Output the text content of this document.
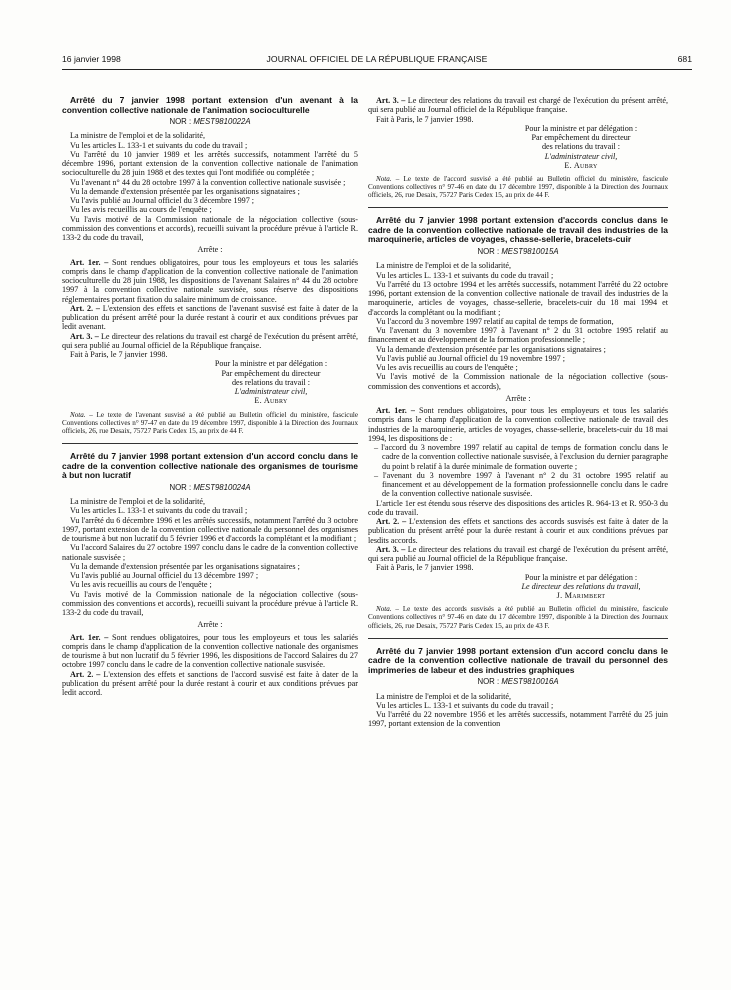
16 janvier 1998	JOURNAL OFFICIEL DE LA RÉPUBLIQUE FRANÇAISE	681

Arrêté du 7 janvier 1998 portant extension d'un avenant à la convention collective nationale de l'animation socioculturelle

NOR : MEST9810022A

La ministre de l'emploi et de la solidarité,

Vu les articles L. 133-1 et suivants du code du travail ;

Vu l'arrêté du 10 janvier 1989 et les arrêtés successifs, notamment l'arrêté du 5 décembre 1996, portant extension de la convention collective nationale de l'animation socioculturelle du 28 juin 1988 et des textes qui l'ont modifiée ou complétée ;

Vu l'avenant n° 44 du 28 octobre 1997 à la convention collective nationale susvisée ;

Vu la demande d'extension présentée par les organisations signataires ;

Vu l'avis publié au Journal officiel du 3 décembre 1997 ;

Vu les avis recueillis au cours de l'enquête ;

Vu l'avis motivé de la Commission nationale de la négociation collective (sous-commission des conventions et accords), recueilli suivant la procédure prévue à l'article R. 133-2 du code du travail,

Arrête :

Art. 1er. – Sont rendues obligatoires, pour tous les employeurs et tous les salariés compris dans le champ d'application de la convention collective nationale de l'animation socioculturelle du 28 juin 1988, les dispositions de l'avenant Salaires n° 44 du 28 octobre 1997 à la convention collective nationale susvisée, sous réserve des dispositions réglementaires portant fixation du salaire minimum de croissance.

Art. 2. – L'extension des effets et sanctions de l'avenant susvisé est faite à dater de la publication du présent arrêté pour la durée restant à courir et aux conditions prévues par ledit avenant.

Art. 3. – Le directeur des relations du travail est chargé de l'exécution du présent arrêté, qui sera publié au Journal officiel de la République française.

Fait à Paris, le 7 janvier 1998.

Pour la ministre et par délégation :
Par empêchement du directeur
des relations du travail :
L'administrateur civil,
E. Aubry

Nota. – Le texte de l'avenant susvisé a été publié au Bulletin officiel du ministère, fascicule Conventions collectives n° 97-47 en date du 19 décembre 1997, disponible à la Direction des Journaux officiels, 26, rue Desaix, 75727 Paris Cedex 15, au prix de 44 F.

Arrêté du 7 janvier 1998 portant extension d'un accord conclu dans le cadre de la convention collective nationale des organismes de tourisme à but non lucratif

NOR : MEST9810024A

La ministre de l'emploi et de la solidarité,

Vu les articles L. 133-1 et suivants du code du travail ;

Vu l'arrêté du 6 décembre 1996 et les arrêtés successifs, notamment l'arrêté du 3 octobre 1997, portant extension de la convention collective nationale du personnel des organismes de tourisme à but non lucratif du 5 février 1996 et d'accords la complétant et la modifiant ;

Vu l'accord Salaires du 27 octobre 1997 conclu dans le cadre de la convention collective nationale susvisée ;

Vu la demande d'extension présentée par les organisations signataires ;

Vu l'avis publié au Journal officiel du 13 décembre 1997 ;

Vu les avis recueillis au cours de l'enquête ;

Vu l'avis motivé de la Commission nationale de la négociation collective (sous-commission des conventions et accords), recueilli suivant la procédure prévue à l'article R. 133-2 du code du travail,

Arrête :

Art. 1er. – Sont rendues obligatoires, pour tous les employeurs et tous les salariés compris dans le champ d'application de la convention collective nationale des organismes de tourisme à but non lucratif du 5 février 1996, les dispositions de l'accord Salaires du 27 octobre 1997 conclu dans le cadre de la convention collective nationale susvisée.

Art. 2. – L'extension des effets et sanctions de l'accord susvisé est faite à dater de la publication du présent arrêté pour la durée restant à courir et aux conditions prévues par ledit accord.

Art. 3. – Le directeur des relations du travail est chargé de l'exécution du présent arrêté, qui sera publié au Journal officiel de la République française.

Fait à Paris, le 7 janvier 1998.

Pour la ministre et par délégation :
Par empêchement du directeur
des relations du travail :
L'administrateur civil,
E. Aubry

Nota. – Le texte de l'accord susvisé a été publié au Bulletin officiel du ministère, fascicule Conventions collectives n° 97-46 en date du 17 décembre 1997, disponible à la Direction des Journaux officiels, 26, rue Desaix, 75727 Paris Cedex 15, au prix de 44 F.

Arrêté du 7 janvier 1998 portant extension d'accords conclus dans le cadre de la convention collective nationale de travail des industries de la maroquinerie, articles de voyages, chasse-sellerie, bracelets-cuir

NOR : MEST9810015A

La ministre de l'emploi et de la solidarité,

Vu les articles L. 133-1 et suivants du code du travail ;

Vu l'arrêté du 13 octobre 1994 et les arrêtés successifs, notamment l'arrêté du 22 octobre 1996, portant extension de la convention collective nationale de travail des industries de la maroquinerie, articles de voyages, chasse-sellerie, bracelets-cuir du 18 mai 1994 et d'accords la complétant ou la modifiant ;

Vu l'accord du 3 novembre 1997 relatif au capital de temps de formation,

Vu l'avenant du 3 novembre 1997 à l'avenant n° 2 du 31 octobre 1995 relatif au financement et au développement de la formation professionnelle ;

Vu la demande d'extension présentée par les organisations signataires ;

Vu l'avis publié au Journal officiel du 19 novembre 1997 ;

Vu les avis recueillis au cours de l'enquête ;

Vu l'avis motivé de la Commission nationale de la négociation collective (sous-commission des conventions et accords),

Arrête :

Art. 1er. – Sont rendues obligatoires, pour tous les employeurs et tous les salariés compris dans le champ d'application de la convention collective nationale de travail des industries de la maroquinerie, articles de voyages, chasse-sellerie, bracelets-cuir du 18 mai 1994, les dispositions de :

– l'accord du 3 novembre 1997 relatif au capital de temps de formation conclu dans le cadre de la convention collective nationale susvisée, à l'exclusion du dernier paragraphe du point b relatif à la durée minimale de formation ouverte ;

– l'avenant du 3 novembre 1997 à l'avenant n° 2 du 31 octobre 1995 relatif au financement et au développement de la formation professionnelle conclu dans le cadre de la convention collective nationale susvisée.

L'article 1er est étendu sous réserve des dispositions des articles R. 964-13 et R. 950-3 du code du travail.

Art. 2. – L'extension des effets et sanctions des accords susvisés est faite à dater de la publication du présent arrêté pour la durée restant à courir et aux conditions prévues par lesdits accords.

Art. 3. – Le directeur des relations du travail est chargé de l'exécution du présent arrêté, qui sera publié au Journal officiel de la République française.

Fait à Paris, le 7 janvier 1998.

Pour la ministre et par délégation :
Le directeur des relations du travail,
J. Marimbert

Nota. – Le texte des accords susvisés a été publié au Bulletin officiel du ministère, fascicule Conventions collectives n° 97-46 en date du 17 décembre 1997, disponible à la Direction des Journaux officiels, 26, rue Desaix, 75727 Paris Cedex 15, au prix de 43 F.

Arrêté du 7 janvier 1998 portant extension d'un accord conclu dans le cadre de la convention collective nationale de travail du personnel des imprimeries de labeur et des industries graphiques

NOR : MEST9810016A

La ministre de l'emploi et de la solidarité,

Vu les articles L. 133-1 et suivants du code du travail ;

Vu l'arrêté du 22 novembre 1956 et les arrêtés successifs, notamment l'arrêté du 25 juin 1997, portant extension de la convention
